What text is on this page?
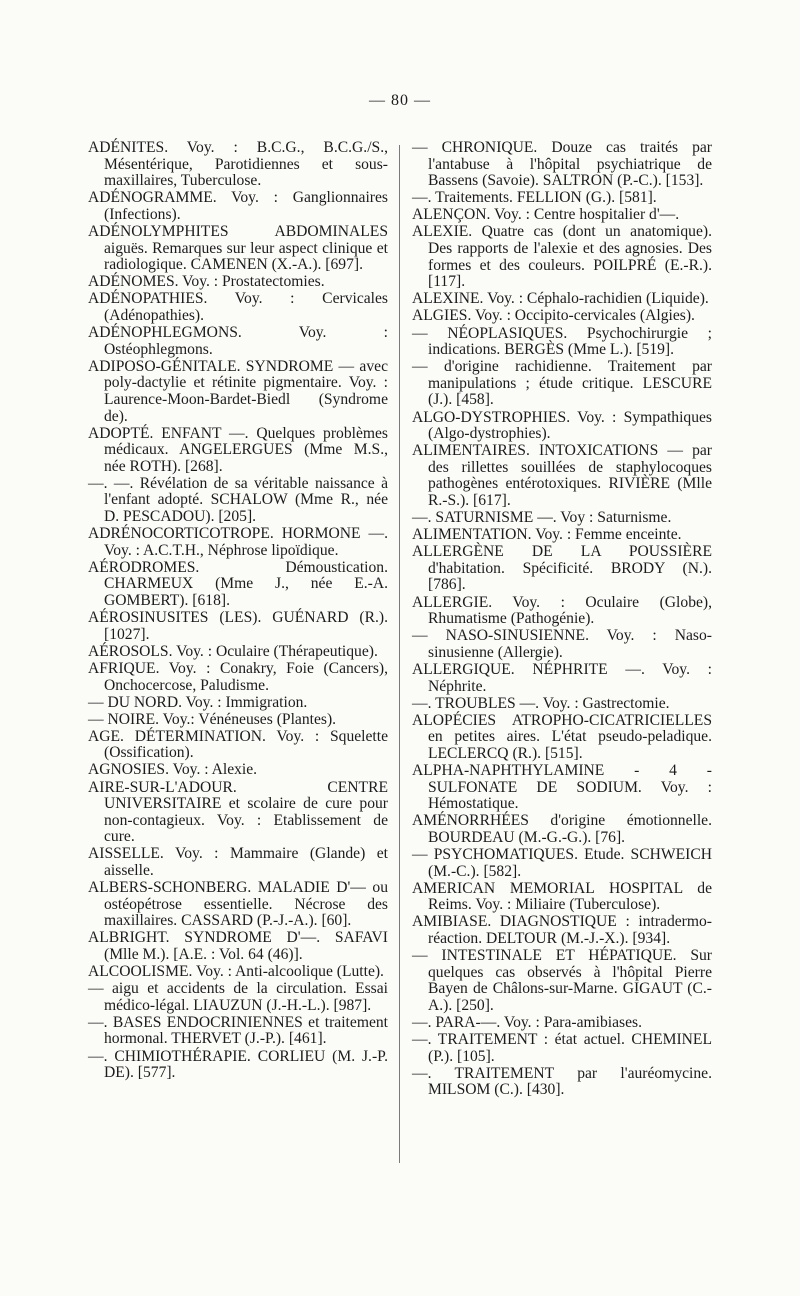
— 80 —

ADÉNITES. Voy. : B.C.G., B.C.G./S., Mésentérique, Parotidiennes et sous-maxillaires, Tuberculose.

ADÉNOGRAMME. Voy. : Ganglionnaires (Infections).

ADÉNOLYMPHITES ABDOMINALES aiguës. Remarques sur leur aspect clinique et radiologique. CAMENEN (X.-A.). [697].

ADÉNOMES. Voy. : Prostatectomies.

ADÉNOPATHIES. Voy. : Cervicales (Adénopathies).

ADÉNOPHLEGMONS. Voy. : Ostéophlegmons.

ADIPOSO-GÉNITALE. SYNDROME — avec poly-dactylie et rétinite pigmentaire. Voy. : Laurence-Moon-Bardet-Biedl (Syndrome de).

ADOPTÉ. ENFANT —. Quelques problèmes médicaux. ANGELERGUES (Mme M.S., née ROTH). [268].

—. —. Révélation de sa véritable naissance à l'enfant adopté. SCHALOW (Mme R., née D. PESCADOU). [205].

ADRÉNOCORTICOTROPE. HORMONE —. Voy. : A.C.T.H., Néphrose lipoïdique.

AÉRODROMES. Démoustication. CHARMEUX (Mme J., née E.-A. GOMBERT). [618].

AÉROSINUSITES (LES). GUÉNARD (R.). [1027].

AÉROSOLS. Voy. : Oculaire (Thérapeutique).

AFRIQUE. Voy. : Conakry, Foie (Cancers), Onchocercose, Paludisme.

— DU NORD. Voy. : Immigration.

— NOIRE. Voy.: Vénéneuses (Plantes).

AGE. DÉTERMINATION. Voy. : Squelette (Ossification).

AGNOSIES. Voy. : Alexie.

AIRE-SUR-L'ADOUR. CENTRE UNIVERSITAIRE et scolaire de cure pour non-contagieux. Voy. : Etablissement de cure.

AISSELLE. Voy. : Mammaire (Glande) et aisselle.

ALBERS-SCHONBERG. MALADIE D'— ou ostéopétrose essentielle. Nécrose des maxillaires. CASSARD (P.-J.-A.). [60].

ALBRIGHT. SYNDROME D'—. SAFAVI (Mlle M.). [A.E. : Vol. 64 (46)].

ALCOOLISME. Voy. : Anti-alcoolique (Lutte).

— aigu et accidents de la circulation. Essai médico-légal. LIAUZUN (J.-H.-L.). [987].

—. BASES ENDOCRINIENNES et traitement hormonal. THERVET (J.-P.). [461].

—. CHIMIOTHÉRAPIE. CORLIEU (M. J.-P. DE). [577].

— CHRONIQUE. Douze cas traités par l'antabuse à l'hôpital psychiatrique de Bassens (Savoie). SALTRON (P.-C.). [153].

—. Traitements. FELLION (G.). [581].

ALENÇON. Voy. : Centre hospitalier d'—.

ALEXIE. Quatre cas (dont un anatomique). Des rapports de l'alexie et des agnosies. Des formes et des couleurs. POILPRÉ (E.-R.). [117].

ALEXINE. Voy. : Céphalo-rachidien (Liquide).

ALGIES. Voy. : Occipito-cervicales (Algies).

— NÉOPLASIQUES. Psychochirurgie ; indications. BERGÈS (Mme L.). [519].

— d'origine rachidienne. Traitement par manipulations ; étude critique. LESCURE (J.). [458].

ALGO-DYSTROPHIES. Voy. : Sympathiques (Algo-dystrophies).

ALIMENTAIRES. INTOXICATIONS — par des rillettes souillées de staphylocoques pathogènes entérotoxiques. RIVIÈRE (Mlle R.-S.). [617].

—. SATURNISME —. Voy : Saturnisme.

ALIMENTATION. Voy. : Femme enceinte.

ALLERGÈNE DE LA POUSSIÈRE d'habitation. Spécificité. BRODY (N.). [786].

ALLERGIE. Voy. : Oculaire (Globe), Rhumatisme (Pathogénie).

— NASO-SINUSIENNE. Voy. : Naso-sinusienne (Allergie).

ALLERGIQUE. NÉPHRITE —. Voy. : Néphrite.

—. TROUBLES —. Voy. : Gastrectomie.

ALOPÉCIES ATROPHO-CICATRICIELLES en petites aires. L'état pseudo-peladique. LECLERCQ (R.). [515].

ALPHA-NAPHTHYLAMINE - 4 - SULFONATE DE SODIUM. Voy. : Hémostatique.

AMÉNORRHÉES d'origine émotionnelle. BOURDEAU (M.-G.-G.). [76].

— PSYCHOMATIQUES. Etude. SCHWEICH (M.-C.). [582].

AMERICAN MEMORIAL HOSPITAL de Reims. Voy. : Miliaire (Tuberculose).

AMIBIASE. DIAGNOSTIQUE : intradermo-réaction. DELTOUR (M.-J.-X.). [934].

— INTESTINALE ET HÉPATIQUE. Sur quelques cas observés à l'hôpital Pierre Bayen de Châlons-sur-Marne. GIGAUT (C.-A.). [250].

—. PARA-—. Voy. : Para-amibiases.

—. TRAITEMENT : état actuel. CHEMINEL (P.). [105].

—. TRAITEMENT par l'auréomycine. MILSOM (C.). [430].
